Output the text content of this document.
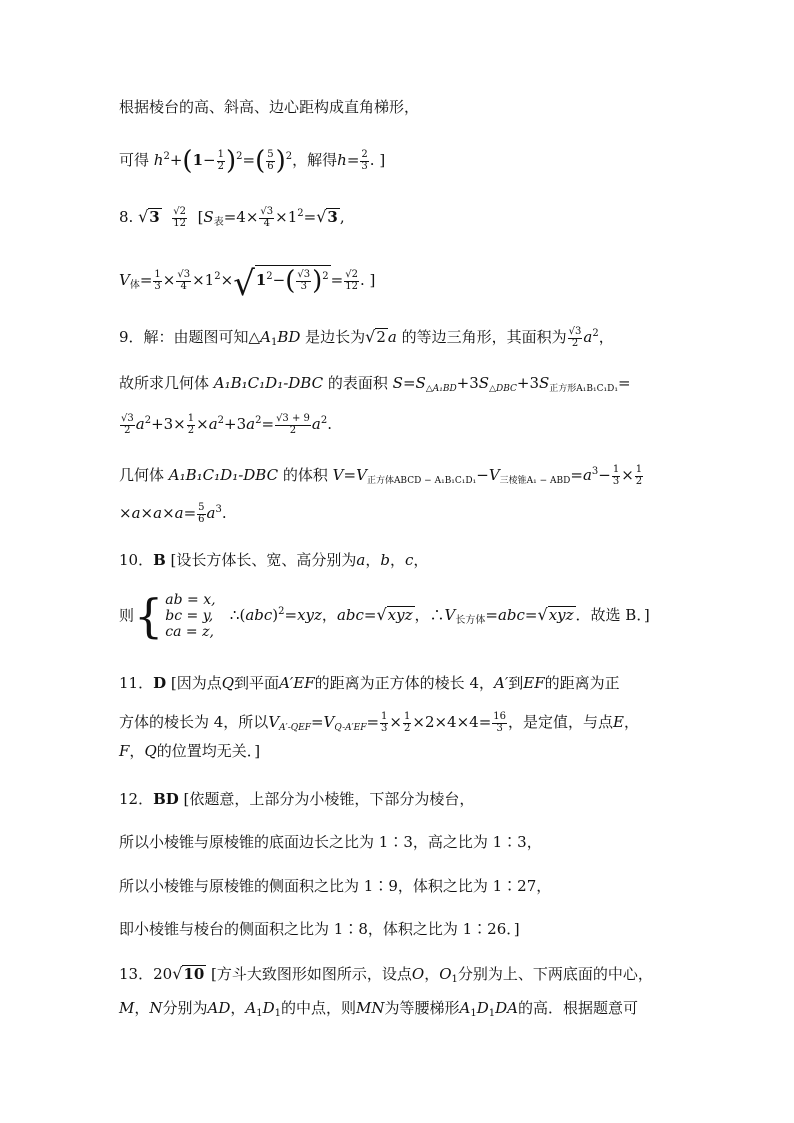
根据棱台的高、斜高、边心距构成直角梯形，
可得 $h^2+(1- \frac{1}{2} )^2=( \frac{5}{6} )^2$，解得$h= \frac{2}{3}$ . ]
8. $√3 \frac{√2}{12} [S_表=4\times \frac{√3}{4} \times 1^2=√3$ ,
$V_体= \frac{1}{3} \times \frac{√3}{4} \times 1^2\times√1^2-( \frac{√3}{3} )^2 = \frac{√2}{12}$ . ]
9．解：由题图可知$\triangle A_1BD$ 是边长为√2 a 的等边三角形，其面积为 $\frac{√3}{2} a^2$，
故所求几何体 A₁B₁C₁D₁-DBC 的表面积 $S=S_{\triangle A_1BD}+3S_{\triangle DBC}+3S_{正方形A_1B_1C_1D_1}=$
$\frac{√3}{2} a^2+3\times \frac{1}{2} \times a^2+3a^2= \frac{√3 + 9}{2} a^2$.
几何体 A₁B₁C₁D₁-DBC 的体积 $V=V_{正方体ABCD - A_1B_1C_1D_1}-V_{三棱锥A_1 - ABD}=a^3- \frac{1}{3} \times \frac{1}{2}$
$\times a\times a\times a= \frac{5}{6} a^3$.
10．B [设长方体长、宽、高分别为a，b，c，
则{ ab = x,
bc = y,
ca = z,
∴(abc)$^2$=xyz，abc=√xyz ，$\therefore V_{长方体}=abc=√xyz$ ．故选 B．]
11．D [因为点Q到平面A′EF的距离为正方体的棱长 4，A′到EF的距离为正
方体的棱长为 4，所以$V_{A'-QEF}=V_{Q-A'EF}= \frac{1}{3} \times \frac{1}{2} \times 2\times 4\times 4= \frac{16}{3}$ ，是定值，与点E，
F，Q的位置均无关．]
12．BD [依题意，上部分为小棱锥，下部分为棱台，
所以小棱锥与原棱锥的底面边长之比为 1∶3，高之比为 1∶3，
所以小棱锥与原棱锥的侧面积之比为 1∶9，体积之比为 1∶27，
即小棱锥与棱台的侧面积之比为 1∶8，体积之比为 1∶26．]
13．20√10 [方斗大致图形如图所示，设点O，$O_1$分别为上、下两底面的中心，
M，N分别为AD，$A_1D_1$的中点，则MN为等腰梯形$A_1D_1DA$的高．根据题意可
